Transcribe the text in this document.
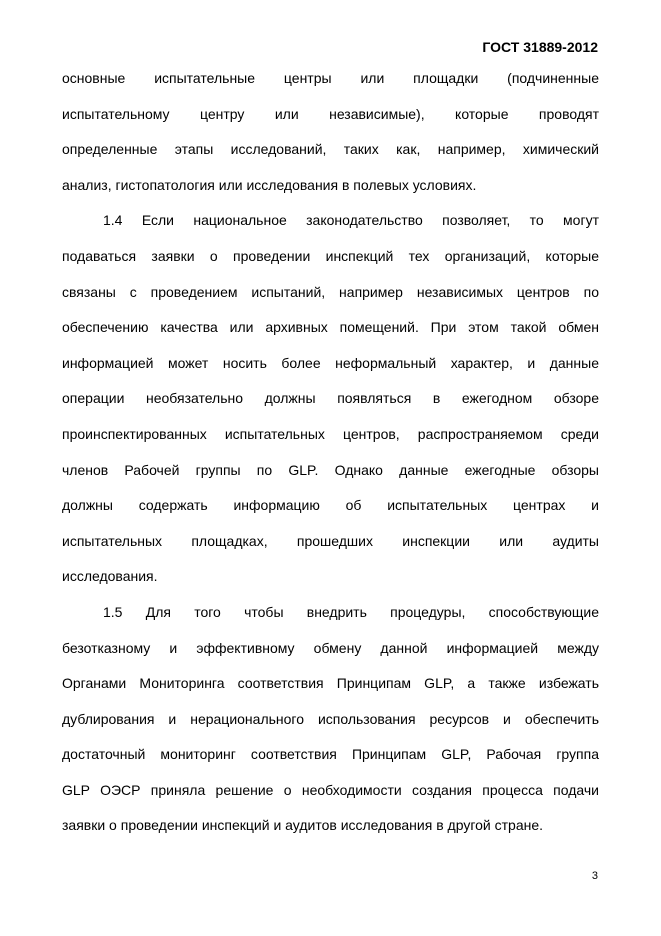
ГОСТ 31889-2012
основные испытательные центры или площадки (подчиненные
испытательному центру или независимые), которые проводят
определенные этапы исследований, таких как, например, химический
анализ, гистопатология или исследования в полевых условиях.
1.4 Если национальное законодательство позволяет, то могут
подаваться заявки о проведении инспекций тех организаций, которые
связаны с проведением испытаний, например независимых центров по
обеспечению качества или архивных помещений. При этом такой обмен
информацией может носить более неформальный характер, и данные
операции необязательно должны появляться в ежегодном обзоре
проинспектированных испытательных центров, распространяемом среди
членов Рабочей группы по GLP. Однако данные ежегодные обзоры
должны содержать информацию об испытательных центрах и
испытательных площадках, прошедших инспекции или аудиты
исследования.
1.5 Для того чтобы внедрить процедуры, способствующие
безотказному и эффективному обмену данной информацией между
Органами Мониторинга соответствия Принципам GLP, а также избежать
дублирования и нерационального использования ресурсов и обеспечить
достаточный мониторинг соответствия Принципам GLP, Рабочая группа
GLP ОЭСР приняла решение о необходимости создания процесса подачи
заявки о проведении инспекций и аудитов исследования в другой стране.
3
